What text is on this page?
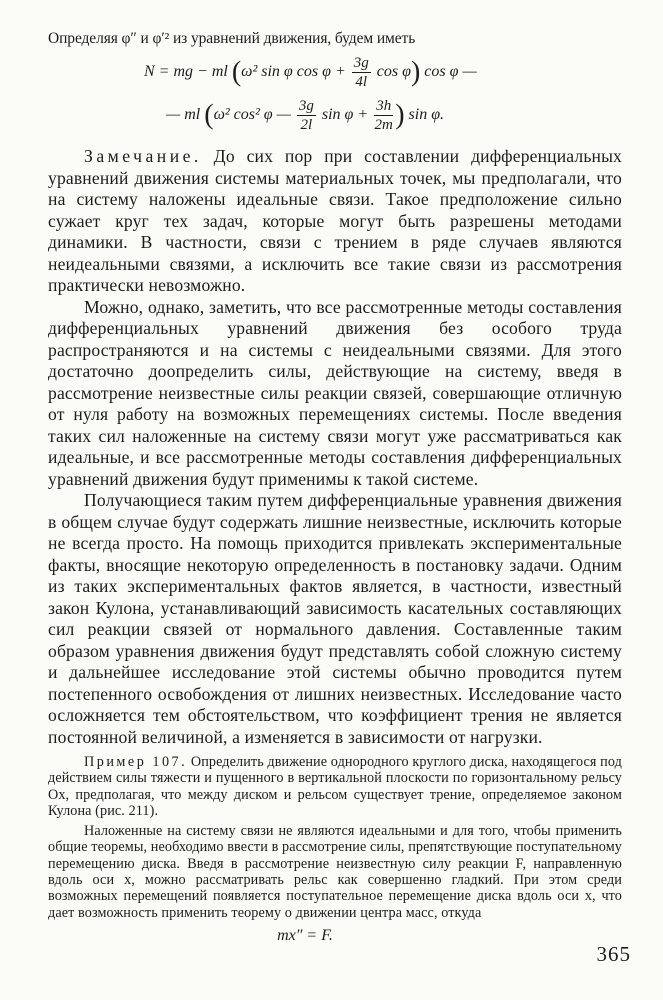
Определяя φ″ и φ′² из уравнений движения, будем иметь
N = mg − ml (ω² sin φ $\cos \varphi + \frac{3g}{4l}$ cos φ) cos φ —
— ml (ω² cos² φ — $\frac{3g}{2l}$ $\sin \varphi + \frac{3h}{2m}$ ) sin φ.

Замечание. До сих пор при составлении дифференциальных уравнений движения системы материальных точек, мы предполагали, что на систему наложены идеальные связи. Такое предположение сильно сужает круг тех задач, которые могут быть разрешены методами динамики. В частности, связи с трением в ряде случаев являются неидеальными связями, а исключить все такие связи из рассмотрения практически невозможно.

Можно, однако, заметить, что все рассмотренные методы составления дифференциальных уравнений движения без особого труда распространяются и на системы с неидеальными связями. Для этого достаточно доопределить силы, действующие на систему, введя в рассмотрение неизвестные силы реакции связей, совершающие отличную от нуля работу на возможных перемещениях системы. После введения таких сил наложенные на систему связи могут уже рассматриваться как идеальные, и все рассмотренные методы составления дифференциальных уравнений движения будут применимы к такой системе.

Получающиеся таким путем дифференциальные уравнения движения в общем случае будут содержать лишние неизвестные, исключить которые не всегда просто. На помощь приходится привлекать экспериментальные факты, вносящие некоторую определенность в постановку задачи. Одним из таких экспериментальных фактов является, в частности, известный закон Кулона, устанавливающий зависимость касательных составляющих сил реакции связей от нормального давления. Составленные таким образом уравнения движения будут представлять собой сложную систему и дальнейшее исследование этой системы обычно проводится путем постепенного освобождения от лишних неизвестных. Исследование часто осложняется тем обстоятельством, что коэффициент трения не является постоянной величиной, а изменяется в зависимости от нагрузки.

Пример 107. Определить движение однородного круглого диска, находящегося под действием силы тяжести и пущенного в вертикальной плоскости по горизонтальному рельсу Ox, предполагая, что между диском и рельсом существует трение, определяемое законом Кулона (рис. 211).

Наложенные на систему связи не являются идеальными и для того, чтобы применить общие теоремы, необходимо ввести в рассмотрение силы, препятствующие поступательному перемещению диска. Введя в рассмотрение неизвестную силу реакции F, направленную вдоль оси x, можно рассматривать рельс как совершенно гладкий. При этом среди возможных перемещений появляется поступательное перемещение диска вдоль оси x, что дает возможность применить теорему о движении центра масс, откуда

mx″ = F.
365
